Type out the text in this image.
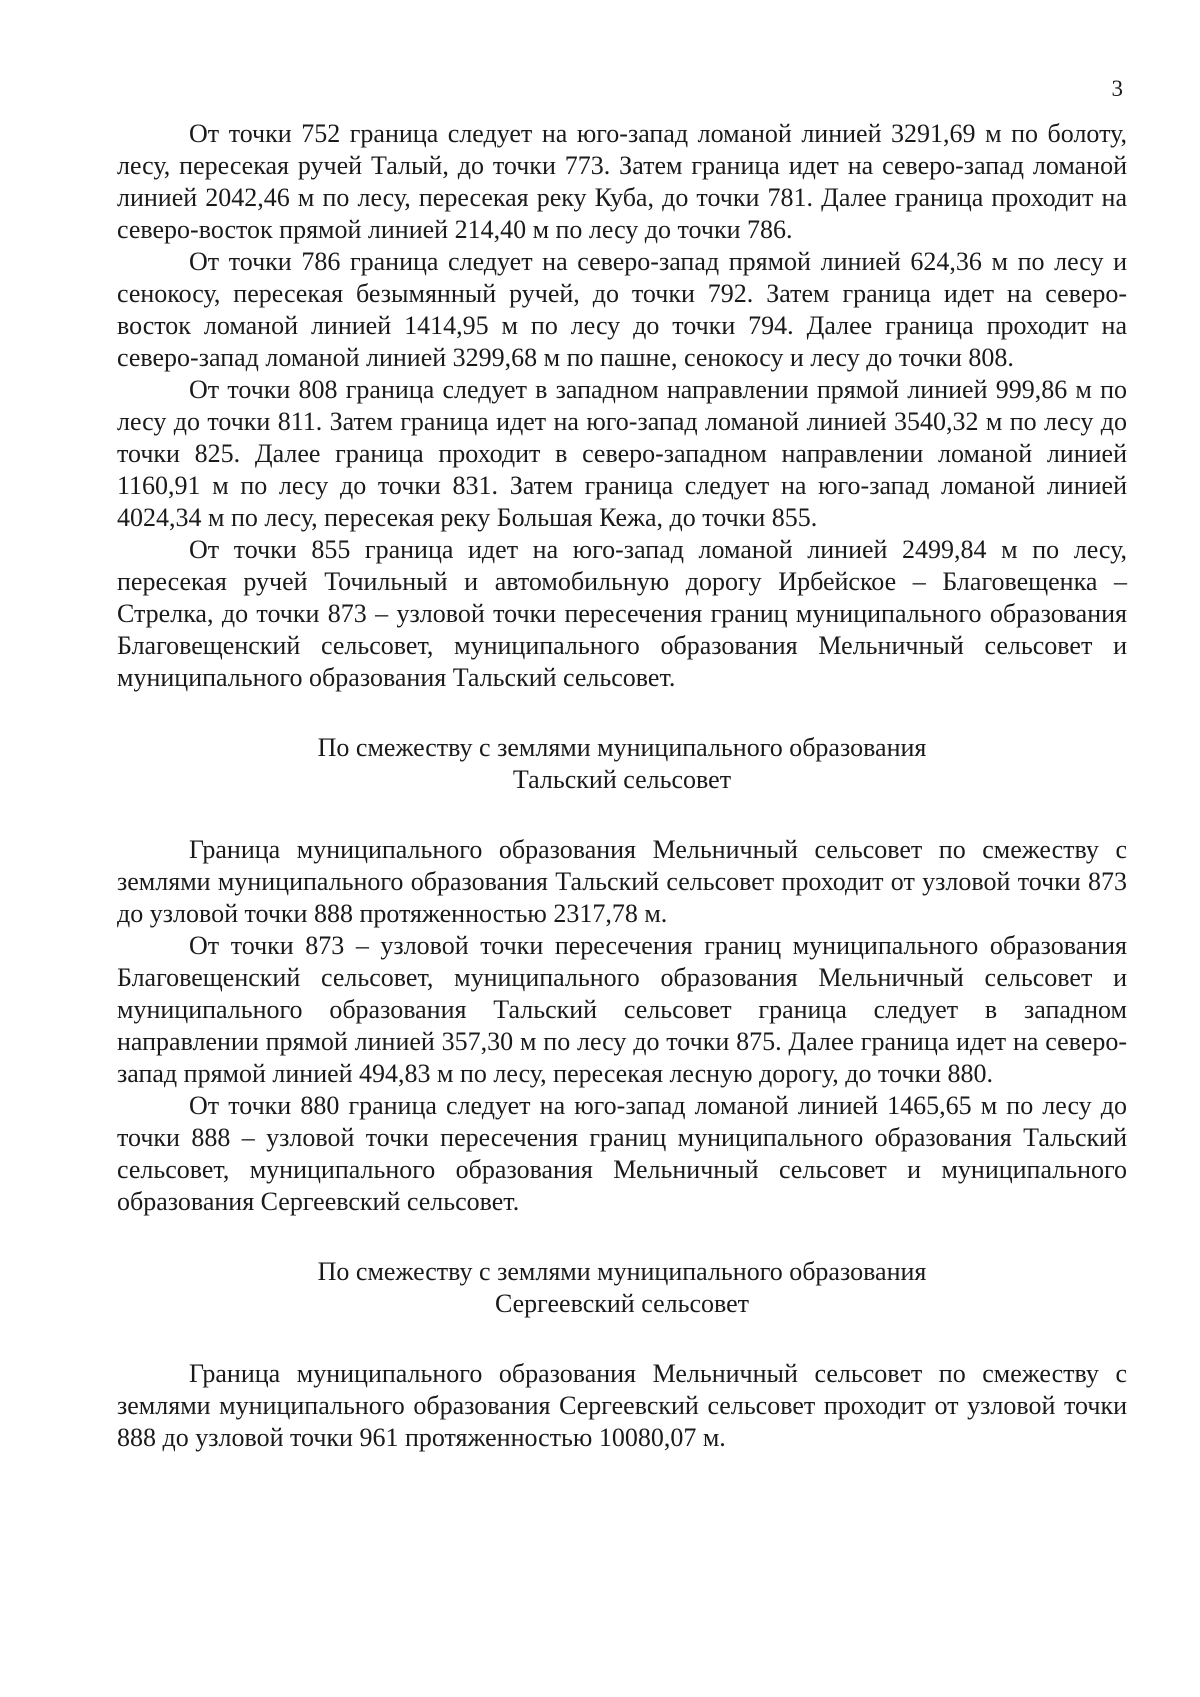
3

От точки 752 граница следует на юго-запад ломаной линией 3291,69 м по болоту, лесу, пересекая ручей Талый, до точки 773. Затем граница идет на северо-запад ломаной линией 2042,46 м по лесу, пересекая реку Куба, до точки 781. Далее граница проходит на северо-восток прямой линией 214,40 м по лесу до точки 786.

От точки 786 граница следует на северо-запад прямой линией 624,36 м по лесу и сенокосу, пересекая безымянный ручей, до точки 792. Затем граница идет на северо-восток ломаной линией 1414,95 м по лесу до точки 794. Далее граница проходит на северо-запад ломаной линией 3299,68 м по пашне, сенокосу и лесу до точки 808.

От точки 808 граница следует в западном направлении прямой линией 999,86 м по лесу до точки 811. Затем граница идет на юго-запад ломаной линией 3540,32 м по лесу до точки 825. Далее граница проходит в северо-западном направлении ломаной линией 1160,91 м по лесу до точки 831. Затем граница следует на юго-запад ломаной линией 4024,34 м по лесу, пересекая реку Большая Кежа, до точки 855.

От точки 855 граница идет на юго-запад ломаной линией 2499,84 м по лесу, пересекая ручей Точильный и автомобильную дорогу Ирбейское – Благовещенка – Стрелка, до точки 873 – узловой точки пересечения границ муниципального образования Благовещенский сельсовет, муниципального образования Мельничный сельсовет и муниципального образования Тальский сельсовет.

По смежеству с землями муниципального образования
Тальский сельсовет

Граница муниципального образования Мельничный сельсовет по смежеству с землями муниципального образования Тальский сельсовет проходит от узловой точки 873 до узловой точки 888 протяженностью 2317,78 м.

От точки 873 – узловой точки пересечения границ муниципального образования Благовещенский сельсовет, муниципального образования Мельничный сельсовет и муниципального образования Тальский сельсовет граница следует в западном направлении прямой линией 357,30 м по лесу до точки 875. Далее граница идет на северо-запад прямой линией 494,83 м по лесу, пересекая лесную дорогу, до точки 880.

От точки 880 граница следует на юго-запад ломаной линией 1465,65 м по лесу до точки 888 – узловой точки пересечения границ муниципального образования Тальский сельсовет, муниципального образования Мельничный сельсовет и муниципального образования Сергеевский сельсовет.

По смежеству с землями муниципального образования
Сергеевский сельсовет

Граница муниципального образования Мельничный сельсовет по смежеству с землями муниципального образования Сергеевский сельсовет проходит от узловой точки 888 до узловой точки 961 протяженностью 10080,07 м.
